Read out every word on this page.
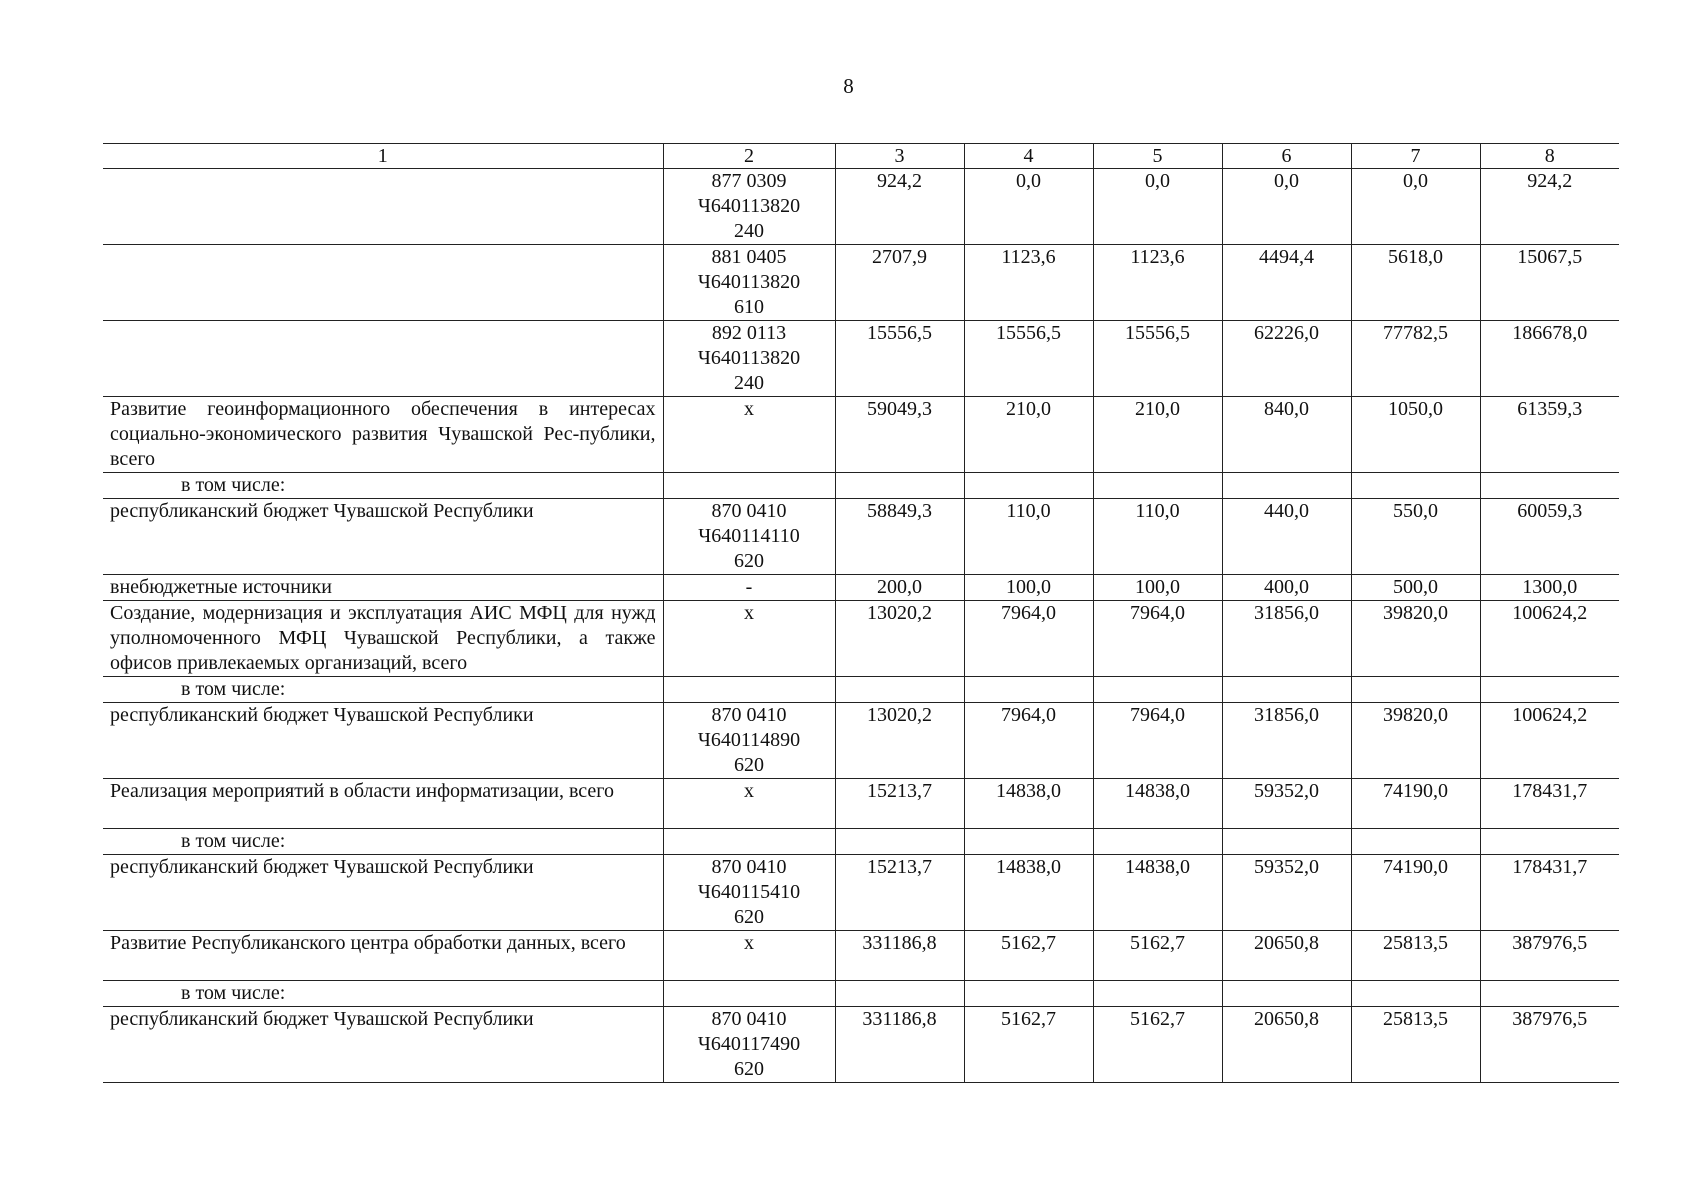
8
1	2	3	4	5	6	7	8
	877 0309
Ч640113820
240	924,2	0,0	0,0	0,0	0,0	924,2
	881 0405
Ч640113820
610	2707,9	1123,6	1123,6	4494,4	5618,0	15067,5
	892 0113
Ч640113820
240	15556,5	15556,5	15556,5	62226,0	77782,5	186678,0
Развитие геоинформационного обеспечения в интересах социально-экономического развития Чувашской Рес-публики, всего	х	59049,3	210,0	210,0	840,0	1050,0	61359,3
в том числе:							
республиканский бюджет Чувашской Республики	870 0410
Ч640114110
620	58849,3	110,0	110,0	440,0	550,0	60059,3
внебюджетные источники	-	200,0	100,0	100,0	400,0	500,0	1300,0
Создание, модернизация и эксплуатация АИС МФЦ для нужд уполномоченного МФЦ Чувашской Республики, а также офисов привлекаемых организаций, всего	х	13020,2	7964,0	7964,0	31856,0	39820,0	100624,2
в том числе:							
республиканский бюджет Чувашской Республики	870 0410
Ч640114890
620	13020,2	7964,0	7964,0	31856,0	39820,0	100624,2
Реализация мероприятий в области информатизации, всего	х	15213,7	14838,0	14838,0	59352,0	74190,0	178431,7
в том числе:							
республиканский бюджет Чувашской Республики	870 0410
Ч640115410
620	15213,7	14838,0	14838,0	59352,0	74190,0	178431,7
Развитие Республиканского центра обработки данных, всего	х	331186,8	5162,7	5162,7	20650,8	25813,5	387976,5
в том числе:							
республиканский бюджет Чувашской Республики	870 0410
Ч640117490
620	331186,8	5162,7	5162,7	20650,8	25813,5	387976,5
